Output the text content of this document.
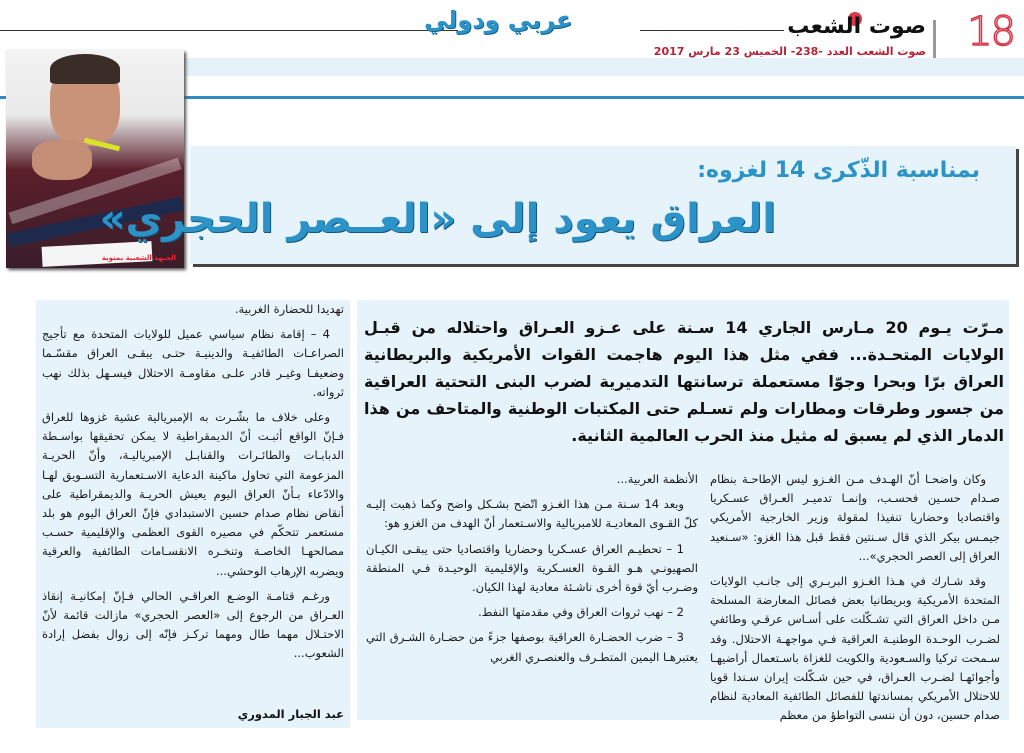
عربي ودولي	18
صوت الشعب
صوت الشعب العدد -238- الخميس 23 مارس 2017
الجبهة الشعبية بمنوبة
بمناسبة الذّكرى 14 لغزوه:
العراق يعود إلى «العــصر الحجري»
مـرّت يـوم 20 مـارس الجاري 14 سـنة على عـزو العـراق واحتلاله من قبـل الولايات المتحـدة... ففي مثل هذا اليوم هاجمت القوات الأمريكية والبريطانية العراق برّا وبحرا وجوّا مستعملة ترسانتها التدميرية لضرب البنى التحتية العراقية من جسور وطرقات ومطارات ولم تسـلم حتى المكتبات الوطنية والمتاحف من هذا الدمار الذي لم يسبق له مثيل منذ الحرب العالمية الثانية.

وكان واضحـا أنّ الهـدف مـن الغـزو ليس الإطاحـة بنظام صـدام حسـين فحسـب، وإنمـا تدميـر العـراق عسـكريا واقتصاديا وحضاريا تنفيذا لمقولة وزير الخارجية الأمريكي جيمـس بيكر الذي قال سـنتين فقط قبل هذا الغزو: «سـنعيد العراق إلى العصر الحجري»...

وقد شـارك في هـذا الغـزو البربـري إلى جانـب الولايات المتحدة الأمريكية وبريطانيا بعض فصائل المعارضة المسلحة مـن داخل العراق التي تشـكّلت على أسـاس عرقـي وطائفي لضـرب الوحـدة الوطنيـة العراقية فـي مواجهـة الاحتلال. وقد سـمحت تركيا والسـعودية والكويت للغزاة باسـتعمال أراضيهـا وأجوائهـا لضـرب العـراق، في حين شـكّلت إيران سـندا قويا للاحتلال الأمريكي بمساندتها للفصائل الطائفية المعادية لنظام صدام حسين، دون أن ننسى التواطؤ من معظم

الأنظمة العربية...

وبعد 14 سـنة مـن هذا الغـزو اتّضح بشـكل واضح وكما ذهبت إليـه كلّ القـوى المعاديـة للامبريالية والاسـتعمار أنّ الهدف من الغزو هو:

1 – تحطيـم العراق عسـكريا وحضاريا واقتصاديا حتى يبقـى الكيـان الصهيونـي هـو القـوة العسـكرية والإقليمية الوحيـدة فـي المنطقة وضـرب أيّ قوة أخرى ناشـئة معادية لهذا الكيان.

2 – نهب ثروات العراق وفي مقدمتها النفط.

3 – ضرب الحضـارة العراقية بوصفها جزءً من حضـارة الشـرق التي يعتبرهـا اليمين المتطـرف والعنصـري الغربي

تهديدا للحضارة الغربية.

4 – إقامة نظام سياسي عميل للولايات المتحدة مع تأجيج الصراعـات الطائفيـة والدينيـة حتـى يبقـى العراق مقسّـما وضعيفـا وغيـر قادر علـى مقاومـة الاحتلال فيسـهل بذلك نهب ثرواته.

وعلى خلاف ما بشّـرت به الإمبريالية عشية غزوها للعراق فـإنّ الواقع أثبـت أنّ الديمقراطية لا يمكن تحقيقها بواسـطة الدبابـات والطائـرات والقنابـل الإمبرياليـة، وأنّ الحريـة المزعومة التي تحاول ماكينة الدعاية الاسـتعمارية التسـويق لهـا والادّعاء بـأنّ العراق اليوم يعيش الحريـة والديمقراطية على أنقاض نظام صدام حسين الاستبدادي فإنّ العراق اليوم هو بلد مستعمر تتحكّم في مصيره القوى العظمى والإقليمية حسـب مصالحهـا الخاصـة وتنخـره الانقسـامات الطائفية والعرقية ويضربه الإرهاب الوحشي...

ورغـم قتامـة الوضـع العراقـي الحالي فـإنّ إمكانيـة إنقاذ العـراق من الرجوع إلى «العصر الحجري» مازالت قائمة لأنّ الاحتـلال مهما طال ومهما تركـز فإنّه إلى زوال بفضل إرادة الشعوب...

عبد الجبار المدوري
